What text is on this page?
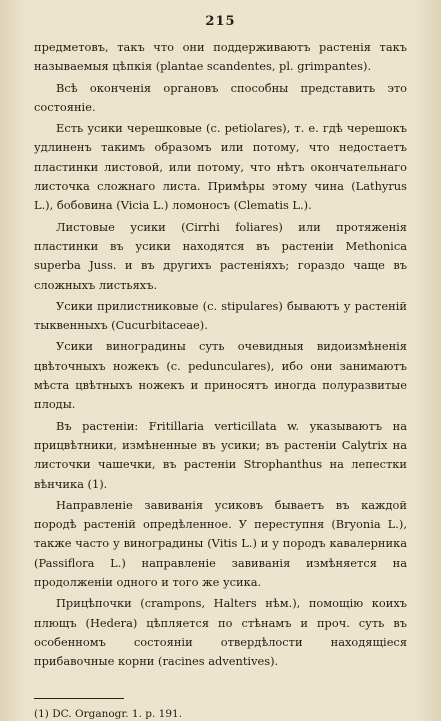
215

предметовъ, такъ что они поддерживаютъ растенія такъ называемыя цѣпкія (plantae scandentes, pl. grimpantes).

Всѣ оконченія органовъ способны представить это состояніе.

Есть усики черешковые (c. petiolares), т. е. гдѣ черешокъ удлиненъ такимъ образомъ или потому, что недостаетъ пластинки листовой, или потому, что нѣтъ окончательнаго листочка сложнаго листа. Примѣры этому чина (Lathyrus L.), бобовина (Vicia L.) ломоносъ (Clematis L.).

Листовые усики (Cirrhi foliares) или протяженія пластинки въ усики находятся въ растеніи Methonica superba Juss. и въ другихъ растеніяхъ; гораздо чаще въ сложныхъ листьяхъ.

Усики прилистниковые (c. stipulares) бываютъ у растеній тыквенныхъ (Cucurbitaceae).

Усики виноградины суть очевидныя видоизмѣненія цвѣточныхъ ножекъ (c. pedunculares), ибо они занимаютъ мѣста цвѣтныхъ ножекъ и приносятъ иногда полуразвитые плоды.

Въ растеніи: Fritillaria verticillata w. указываютъ на прицвѣтники, измѣненные въ усики; въ растеніи Calytrix на листочки чашечки, въ растеніи Strophanthus на лепестки вѣнчика (1).

Направленіе завиванія усиковъ бываетъ въ каждой породѣ растеній опредѣленное. У переступня (Bryonia L.), также часто у виноградины (Vitis L.) и у породъ кавалерника (Passiflora L.) направленіе завиванія измѣняется на продолженіи одного и того же усика.

Прицѣпочки (crampons, Halters нѣм.), помощію коихъ плющъ (Hedera) цѣпляется по стѣнамъ и проч. суть въ особенномъ состояніи отвердѣлости находящіеся прибавочные корни (racines adventives).

(1) DC. Organogr. 1. p. 191.
